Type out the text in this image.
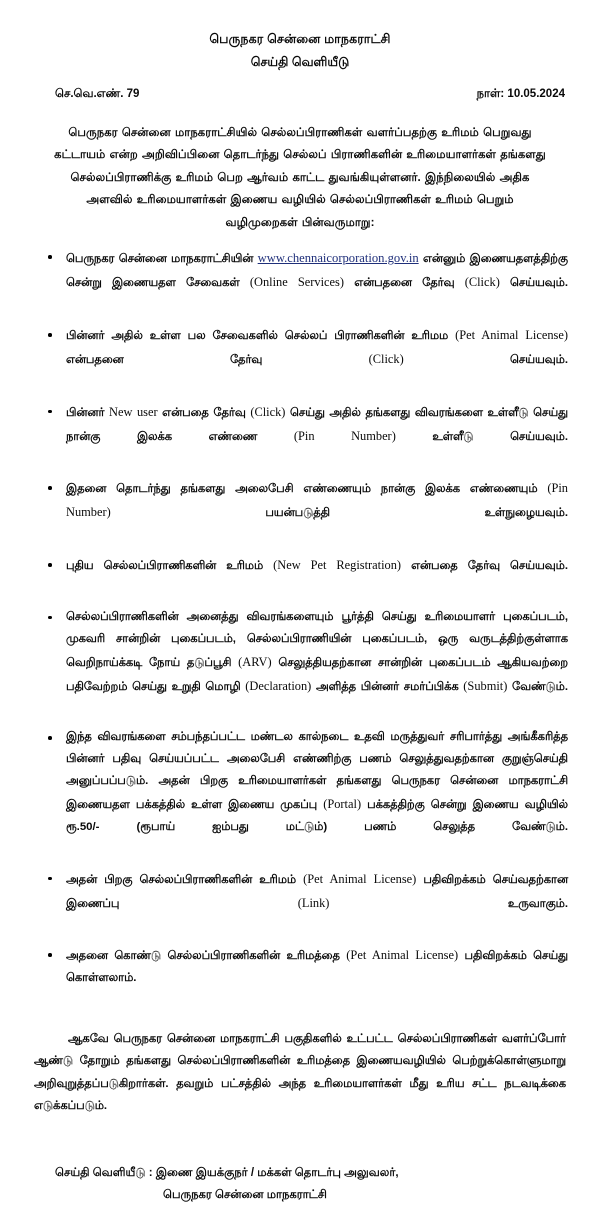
பெருநகர சென்னை மாநகராட்சி
செய்தி வெளியீடு
செ.வெ.எண். 79	நாள்: 10.05.2024
பெருநகர சென்னை மாநகராட்சியில் செல்லப்பிராணிகள் வளர்ப்பதற்கு உரிமம் பெறுவது
கட்டாயம் என்ற அறிவிப்பினை தொடர்ந்து செல்லப் பிராணிகளின் உரிமையாளர்கள் தங்களது
செல்லப்பிராணிக்கு உரிமம் பெற ஆர்வம் காட்ட துவங்கியுள்ளனர். இந்நிலையில் அதிக
அளவில் உரிமையாளர்கள் இணைய வழியில் செல்லப்பிராணிகள் உரிமம் பெறும்
வழிமுறைகள் பின்வருமாறு:
பெருநகர சென்னை மாநகராட்சியின் www.chennaicorporation.gov.in என்னும் இணையதளத்திற்கு சென்று இணையதள சேவைகள் (Online Services) என்பதனை தேர்வு (Click) செய்யவும்.
பின்னர் அதில் உள்ள பல சேவைகளில் செல்லப் பிராணிகளின் உரிமம (Pet Animal License) என்பதனை தேர்வு (Click) செய்யவும்.
பின்னர் New user என்பதை தேர்வு (Click) செய்து அதில் தங்களது விவரங்களை உள்ளீடு செய்து நான்கு இலக்க எண்ணை (Pin Number) உள்ளீடு செய்யவும்.
இதனை தொடர்ந்து தங்களது அலைபேசி எண்ணையும் நான்கு இலக்க எண்ணையும் (Pin Number) பயன்படுத்தி உள்நுழையவும்.
புதிய செல்லப்பிராணிகளின் உரிமம் (New Pet Registration) என்பதை தேர்வு செய்யவும்.
செல்லப்பிராணிகளின் அனைத்து விவரங்களையும் பூர்த்தி செய்து உரிமையாளர் புகைப்படம், முகவரி சான்றின் புகைப்படம், செல்லப்பிராணியின் புகைப்படம், ஒரு வருடத்திற்குள்ளாக வெறிநாய்க்கடி நோய் தடுப்பூசி (ARV) செலுத்தியதற்கான சான்றின் புகைப்படம் ஆகியவற்றை பதிவேற்றம் செய்து உறுதி மொழி (Declaration) அளித்த பின்னர் சமர்ப்பிக்க (Submit) வேண்டும்.
இந்த விவரங்களை சம்பந்தப்பட்ட மண்டல கால்நடை உதவி மருத்துவர் சரிபார்த்து அங்கீகரித்த பின்னர் பதிவு செய்யப்பட்ட அலைபேசி எண்ணிற்கு பணம் செலுத்துவதற்கான குறுஞ்செய்தி அனுப்பப்படும். அதன் பிறகு உரிமையாளர்கள் தங்களது பெருநகர சென்னை மாநகராட்சி இணையதள பக்கத்தில் உள்ள இணைய முகப்பு (Portal) பக்கத்திற்கு சென்று இணைய வழியில் ரூ.50/- (ரூபாய் ஐம்பது மட்டும்) பணம் செலுத்த வேண்டும்.
அதன் பிறகு செல்லப்பிராணிகளின் உரிமம் (Pet Animal License) பதிவிறக்கம் செய்வதற்கான இணைப்பு (Link) உருவாகும்.
அதனை கொண்டு செல்லப்பிராணிகளின் உரிமத்தை (Pet Animal License) பதிவிறக்கம் செய்து கொள்ளலாம்.
ஆகவே பெருநகர சென்னை மாநகராட்சி பகுதிகளில் உட்பட்ட செல்லப்பிராணிகள் வளர்ப்போர் ஆண்டு தோறும் தங்களது செல்லப்பிராணிகளின் உரிமத்தை இணையவழியில் பெற்றுக்கொள்ளுமாறு அறிவுறுத்தப்படுகிறார்கள். தவறும் பட்சத்தில் அந்த உரிமையாளர்கள் மீது உரிய சட்ட நடவடிக்கை எடுக்கப்படும்.
செய்தி வெளியீடு : இணை இயக்குநர் / மக்கள் தொடர்பு அலுவலர்,
பெருநகர சென்னை மாநகராட்சி
